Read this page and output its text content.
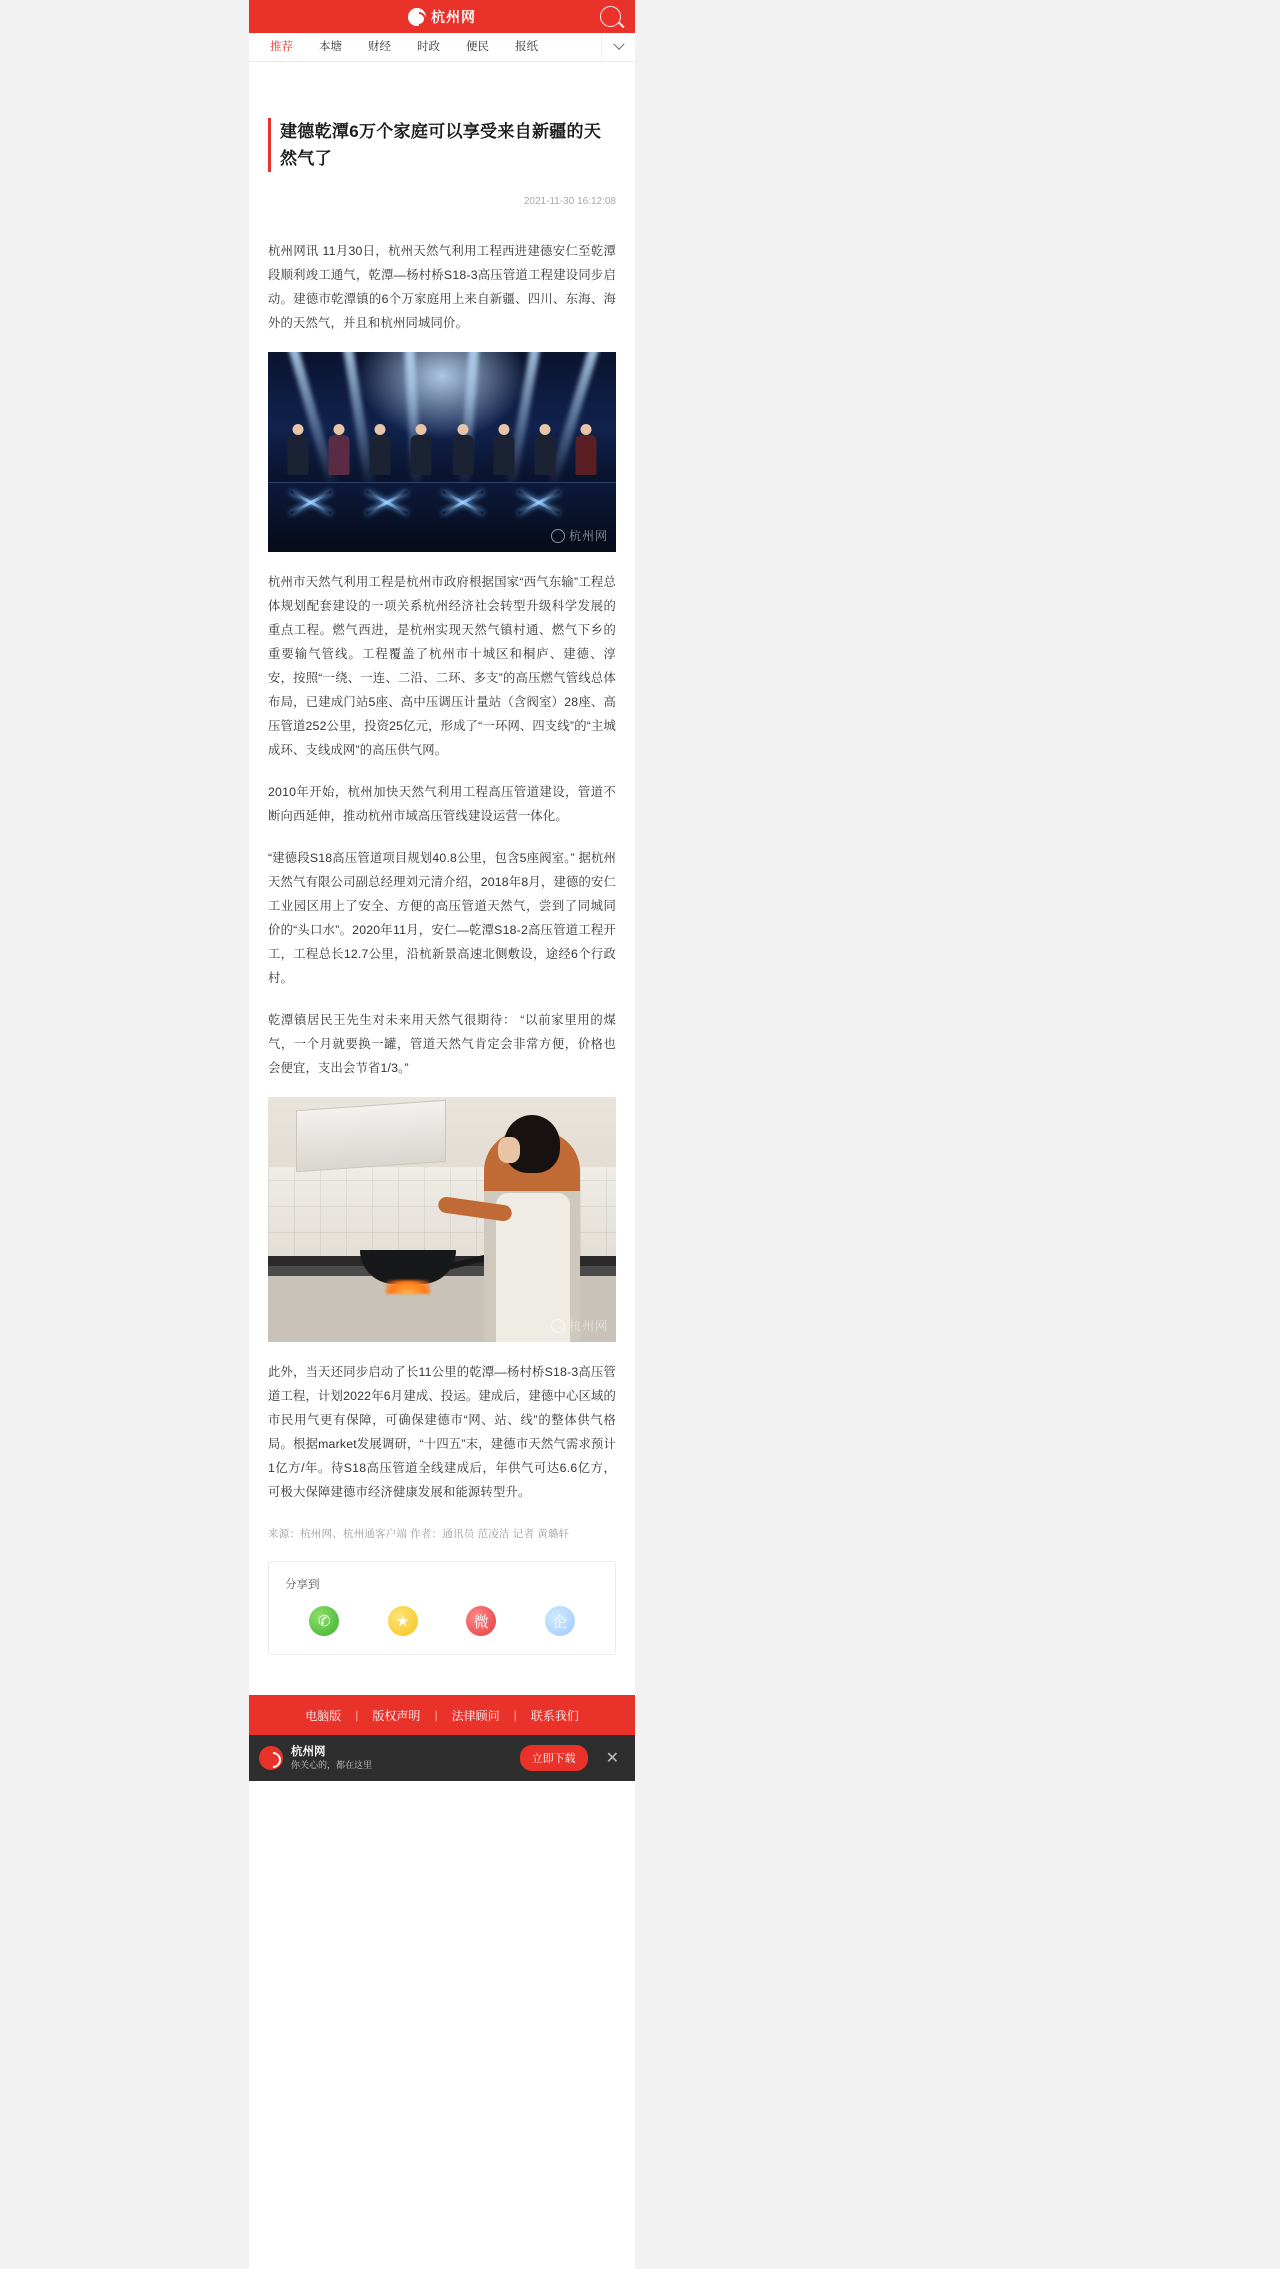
杭州网
推荐	本塘	财经	时政	便民	报纸
建德乾潭6万个家庭可以享受来自新疆的天然气了
2021-11-30 16:12:08

杭州网讯 11月30日，杭州天然气利用工程西进建德安仁至乾潭段顺利竣工通气，乾潭—杨村桥S18-3高压管道工程建设同步启动。建德市乾潭镇的6个万家庭用上来自新疆、四川、东海、海外的天然气，并且和杭州同城同价。

杭州网

杭州市天然气利用工程是杭州市政府根据国家“西气东输”工程总体规划配套建设的一项关系杭州经济社会转型升级科学发展的重点工程。燃气西进，是杭州实现天然气镇村通、燃气下乡的重要输气管线。工程覆盖了杭州市十城区和桐庐、建德、淳安，按照“一绕、一连、二沿、二环、多支”的高压燃气管线总体布局，已建成门站5座、高中压调压计量站（含阀室）28座、高压管道252公里，投资25亿元，形成了“一环网、四支线”的“主城成环、支线成网”的高压供气网。

2010年开始，杭州加快天然气利用工程高压管道建设，管道不断向西延伸，推动杭州市域高压管线建设运营一体化。

“建德段S18高压管道项目规划40.8公里，包含5座阀室。” 据杭州天然气有限公司副总经理刘元清介绍，2018年8月，建德的安仁工业园区用上了安全、方便的高压管道天然气，尝到了同城同价的“头口水”。2020年11月，安仁—乾潭S18-2高压管道工程开工，工程总长12.7公里，沿杭新景高速北侧敷设，途经6个行政村。

乾潭镇居民王先生对未来用天然气很期待： “以前家里用的煤气，一个月就要换一罐，管道天然气肯定会非常方便，价格也会便宜，支出会节省1/3。”

杭州网

此外，当天还同步启动了长11公里的乾潭—杨村桥S18-3高压管道工程，计划2022年6月建成、投运。建成后，建德中心区域的市民用气更有保障，可确保建德市“网、站、线”的整体供气格局。根据market发展调研，“十四五”末，建德市天然气需求预计1亿方/年。待S18高压管道全线建成后，年供气可达6.6亿方，可极大保障建德市经济健康发展和能源转型升。

来源：杭州网、杭州通客户端 作者：通讯员 范凌洁 记者 黄璐轩
分享到
✆	★	微	企
电脑版	|	版权声明	|	法律顾问	|	联系我们
杭州网
你关心的，都在这里	立即下载	✕
